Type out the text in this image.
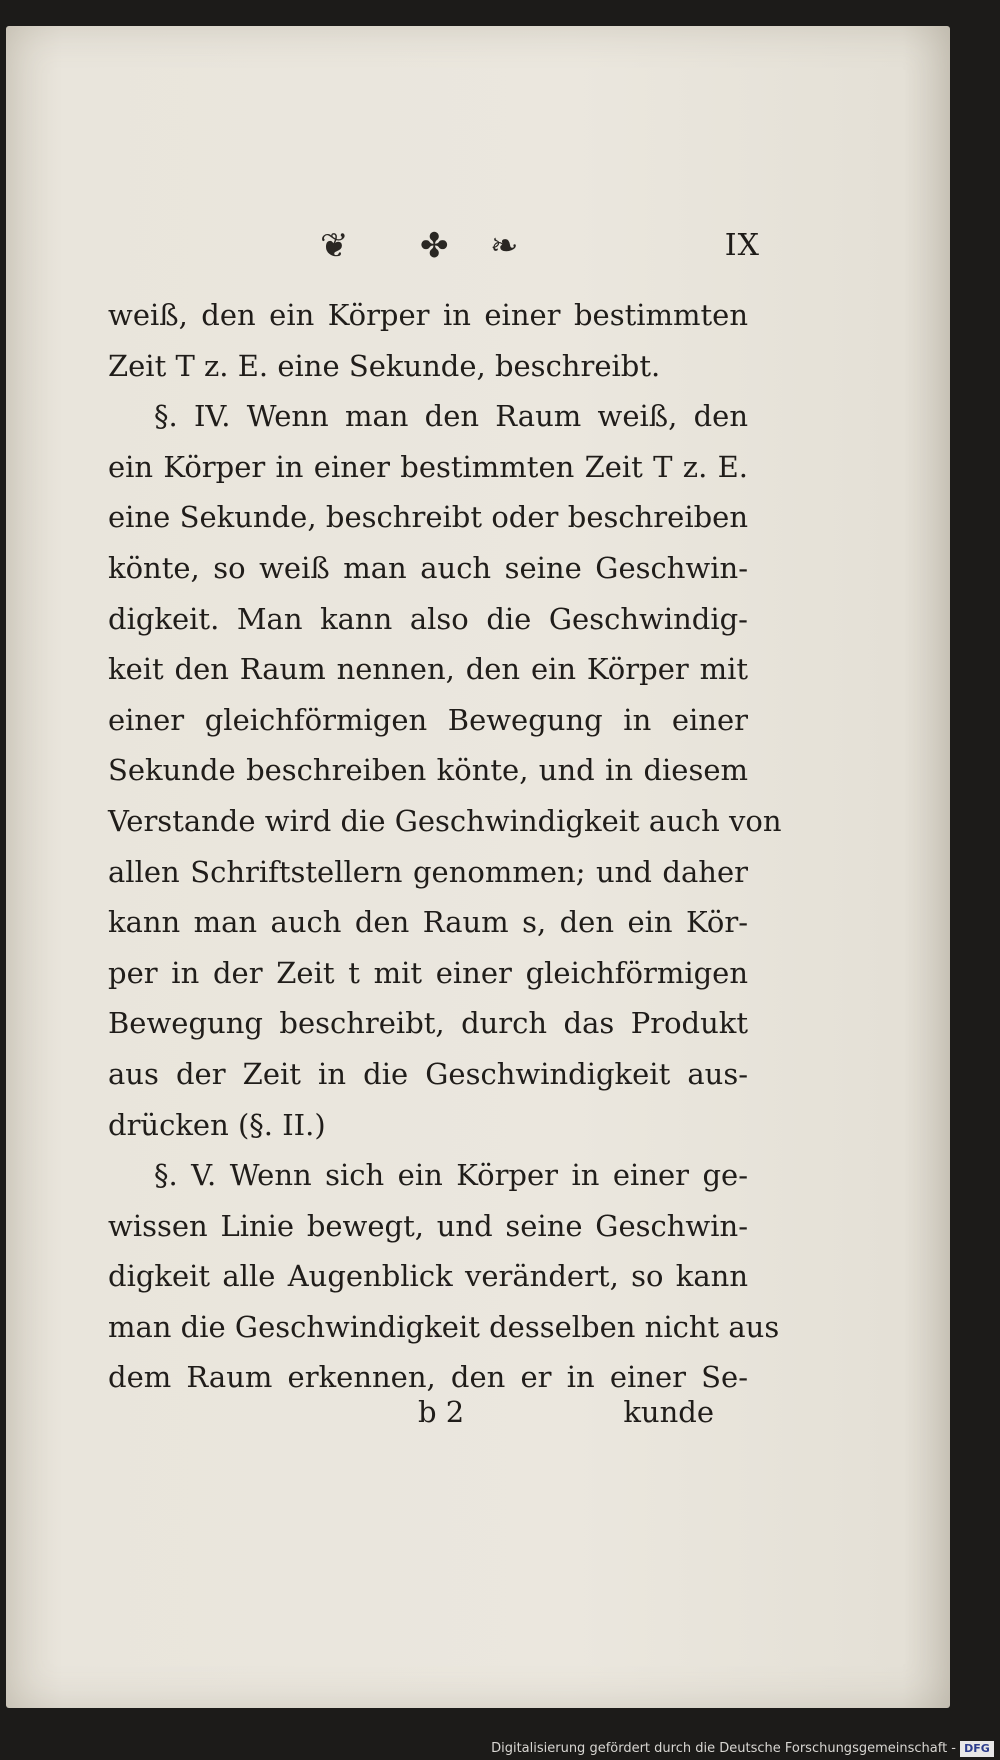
❦ ✤ ❧	IX
weiß, den ein Körper in einer bestimmten
Zeit T z. E. eine Sekunde, beschreibt.
§. IV. Wenn man den Raum weiß, den
ein Körper in einer bestimmten Zeit T z. E.
eine Sekunde, beschreibt oder beschreiben
könte, so weiß man auch seine Geschwin-
digkeit. Man kann also die Geschwindig-
keit den Raum nennen, den ein Körper mit
einer gleichförmigen Bewegung in einer
Sekunde beschreiben könte, und in diesem
Verstande wird die Geschwindigkeit auch von
allen Schriftstellern genommen; und daher
kann man auch den Raum s, den ein Kör-
per in der Zeit t mit einer gleichförmigen
Bewegung beschreibt, durch das Produkt
aus der Zeit in die Geschwindigkeit aus-
drücken (§. II.)
§. V. Wenn sich ein Körper in einer ge-
wissen Linie bewegt, und seine Geschwin-
digkeit alle Augenblick verändert, so kann
man die Geschwindigkeit desselben nicht aus
dem Raum erkennen, den er in einer Se-
b 2	kunde
Digitalisierung gefördert durch die Deutsche Forschungsgemeinschaft - DFG
